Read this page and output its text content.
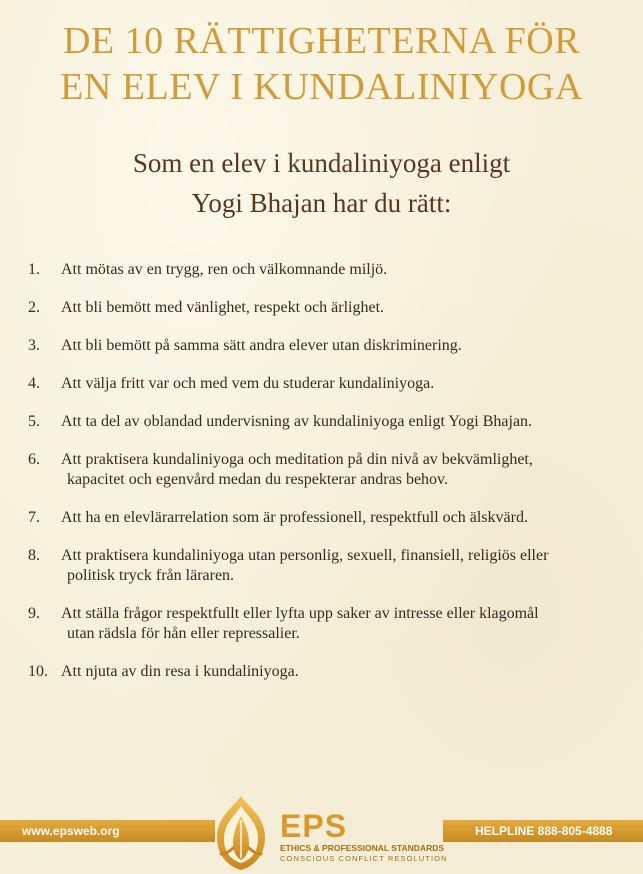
DE 10 RÄTTIGHETERNA FÖR
EN ELEV I KUNDALINIYOGA
Som en elev i kundaliniyoga enligt
Yogi Bhajan har du rätt:
1. Att mötas av en trygg, ren och välkomnande miljö.
2. Att bli bemött med vänlighet, respekt och ärlighet.
3. Att bli bemött på samma sätt andra elever utan diskriminering.
4. Att välja fritt var och med vem du studerar kundaliniyoga.
5. Att ta del av oblandad undervisning av kundaliniyoga enligt Yogi Bhajan.
6. Att praktisera kundaliniyoga och meditation på din nivå av bekvämlighet,
kapacitet och egenvård medan du respekterar andras behov.
7. Att ha en elevlärarrelation som är professionell, respektfull och älskvärd.
8. Att praktisera kundaliniyoga utan personlig, sexuell, finansiell, religiös eller
politisk tryck från läraren.
9. Att ställa frågor respektfullt eller lyfta upp saker av intresse eller klagomål
utan rädsla för hån eller repressalier.
10. Att njuta av din resa i kundaliniyoga.
www.epsweb.org	HELPLINE 888-805-4888
EPS
ETHICS & PROFESSIONAL STANDARDS
CONSCIOUS CONFLICT RESOLUTION
